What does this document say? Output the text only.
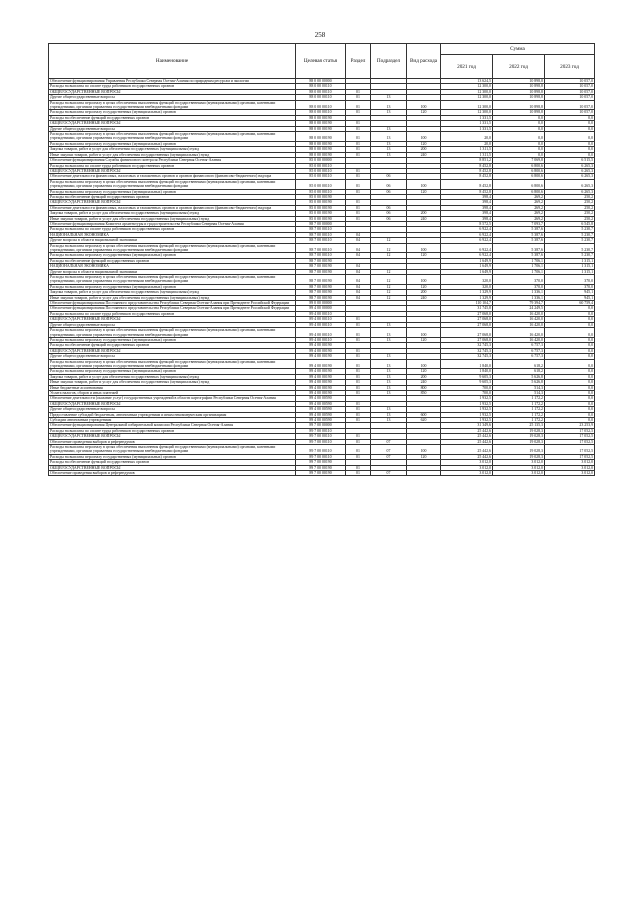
258
Наименование	Целевая статья	Раздел	Подраздел	Вид расхода	Сумма		
					2021 год	2022 год	2023 год
Обеспечение функционирования Управления Республики Северная Осетия-Алания по природным ресурсам и экологии	88 0 00 00000				13 624,5	10 898,8	10 057,0
Расходы на выплаты по оплате труда работников государственных органов	88 0 00 00110				12 300,0	10 898,8	10 057,0
ОБЩЕГОСУДАРСТВЕННЫЕ ВОПРОСЫ	88 0 00 00110	01			12 300,0	10 898,8	10 057,0
Другие общегосударственные вопросы	88 0 00 00110	01	13		12 300,0	10 898,8	10 057,0
Расходы на выплаты персоналу в целях обеспечения выполнения функций государственными (муниципальными) органами, казенными учреждениями, органами управления государственными внебюджетными фондами	88 0 00 00110	01	13	100	12 300,0	10 898,8	10 057,0
Расходы на выплаты персоналу государственных (муниципальных) органов	88 0 00 00110	01	13	120	12 300,0	10 898,8	10 057,0
Расходы на обеспечение функций государственных органов	88 0 00 00190				1 331,5	0,0	0,0
ОБЩЕГОСУДАРСТВЕННЫЕ ВОПРОСЫ	88 0 00 00190	01			1 331,5	0,0	0,0
Другие общегосударственные вопросы	88 0 00 00190	01	13		1 331,5	0,0	0,0
Расходы на выплаты персоналу в целях обеспечения выполнения функций государственными (муниципальными) органами, казенными учреждениями, органами управления государственными внебюджетными фондами	88 0 00 00190	01	13	100	20,0	0,0	0,0
Расходы на выплаты персоналу государственных (муниципальных) органов	88 0 00 00190	01	13	120	20,0	0,0	0,0
Закупка товаров, работ и услуг для обеспечения государственных (муниципальных) нужд	88 0 00 00190	01	13	200	1 311,5	0,0	0,0
Иные закупки товаров, работ и услуг для обеспечения государственных (муниципальных) нужд	88 0 00 00190	01	13	240	1 311,5	0,0	0,0
Обеспечение функционирования Службы финансового контроля Республики Северная Осетия-Алания	85 0 00 00000				8 851,2	7 069,8	6 515,5
Расходы на выплаты по оплате труда работников государственных органов	85 0 00 00110				8 452,8	6 800,6	6 265,3
ОБЩЕГОСУДАРСТВЕННЫЕ ВОПРОСЫ	85 0 00 00110	01			8 452,8	6 800,6	6 265,3
Обеспечение деятельности финансовых, налоговых и таможенных органов и органов финансового (финансово-бюджетного) надзора	85 0 00 00110	01	06		8 452,8	6 800,6	6 265,3
Расходы на выплаты персоналу в целях обеспечения выполнения функций государственными (муниципальными) органами, казенными учреждениями, органами управления государственными внебюджетными фондами	85 0 00 00110	01	06	100	8 452,8	6 800,6	6 265,3
Расходы на выплаты персоналу государственных (муниципальных) органов	85 0 00 00110	01	06	120	8 452,8	6 800,6	6 265,3
Расходы на обеспечение функций государственных органов	85 0 00 00190				398,4	269,2	250,2
ОБЩЕГОСУДАРСТВЕННЫЕ ВОПРОСЫ	85 0 00 00190	01			398,4	269,2	250,2
Обеспечение деятельности финансовых, налоговых и таможенных органов и органов финансового (финансово-бюджетного) надзора	85 0 00 00190	01	06		398,4	269,2	250,2
Закупка товаров, работ и услуг для обеспечения государственных (муниципальных) нужд	85 0 00 00190	01	06	200	398,4	269,2	250,2
Иные закупки товаров, работ и услуг для обеспечения государственных (муниципальных) нужд	85 0 00 00190	01	06	240	398,4	269,2	250,2
Обеспечение функционирования Комитета архитектуры и градостроительства Республики Северная Осетия-Алания	88 7 00 00000				8 572,5	7 093,7	6 545,8
Расходы на выплаты по оплате труда работников государственных органов	88 7 00 00110				6 922,4	5 387,6	5 230,7
НАЦИОНАЛЬНАЯ ЭКОНОМИКА	88 7 00 00110	04			6 922,4	5 387,6	5 230,7
Другие вопросы в области национальной экономики	88 7 00 00110	04	12		6 922,4	5 387,6	5 230,7
Расходы на выплаты персоналу в целях обеспечения выполнения функций государственными (муниципальными) органами, казенными учреждениями, органами управления государственными внебюджетными фондами	88 7 00 00110	04	12	100	6 922,4	5 387,6	5 230,7
Расходы на выплаты персоналу государственных (муниципальных) органов	88 7 00 00110	04	12	120	6 922,4	5 387,6	5 230,7
Расходы на обеспечение функций государственных органов	88 7 00 00190				1 649,9	1 706,1	1 315,1
НАЦИОНАЛЬНАЯ ЭКОНОМИКА	88 7 00 00190	04			1 649,9	1 706,1	1 315,1
Другие вопросы в области национальной экономики	88 7 00 00190	04	12		1 649,9	1 706,1	1 315,1
Расходы на выплаты персоналу в целях обеспечения выполнения функций государственными (муниципальными) органами, казенными учреждениями, органами управления государственными внебюджетными фондами	88 7 00 00190	04	12	100	320,0	370,0	370,0
Расходы на выплаты персоналу государственных (муниципальных) органов	88 7 00 00190	04	12	120	320,0	370,0	370,0
Закупка товаров, работ и услуг для обеспечения государственных (муниципальных) нужд	88 7 00 00190	04	12	200	1 329,9	1 336,1	945,1
Иные закупки товаров, работ и услуг для обеспечения государственных (муниципальных) нужд	88 7 00 00190	04	12	240	1 329,9	1 336,1	945,1
Обеспечение функционирования Постоянного представительства Республики Северная Осетия-Алания при Президенте Российской Федерации	89 0 00 00000				110 104,7	79 394,7	60 759,4
Обеспечение функционирования Постоянного представительства Республики Северная Осетия-Алания при Президенте Российской Федерации	89 4 00 00000				31 745,8	24 249,5	0,0
Расходы на выплаты по оплате труда работников государственных органов	89 4 00 00110				27 068,0	16 420,0	0,0
ОБЩЕГОСУДАРСТВЕННЫЕ ВОПРОСЫ	89 4 00 00110	01			27 068,0	16 420,0	0,0
Другие общегосударственные вопросы	89 4 00 00110	01	13		27 068,0	16 420,0	0,0
Расходы на выплаты персоналу в целях обеспечения выполнения функций государственными (муниципальными) органами, казенными учреждениями, органами управления государственными внебюджетными фондами	89 4 00 00110	01	13	100	27 068,0	16 420,0	0,0
Расходы на выплаты персоналу государственных (муниципальных) органов	89 4 00 00110	01	13	120	27 068,0	16 420,0	0,0
Расходы на обеспечение функций государственных органов	89 4 00 00190				32 745,3	6 757,3	0,0
ОБЩЕГОСУДАРСТВЕННЫЕ ВОПРОСЫ	89 4 00 00190	01			32 745,3	6 757,3	0,0
Другие общегосударственные вопросы	89 4 00 00190	01	13		32 745,3	6 757,3	0,0
Расходы на выплаты персоналу в целях обеспечения выполнения функций государственными (муниципальными) органами, казенными учреждениями, органами управления государственными внебюджетными фондами	89 4 00 00190	01	13	100	1 840,0	618,2	0,0
Расходы на выплаты персоналу государственных (муниципальных) органов	89 4 00 00190	01	13	120	1 840,0	618,2	0,0
Закупка товаров, работ и услуг для обеспечения государственных (муниципальных) нужд	89 4 00 00190	01	13	200	9 605,3	5 626,8	0,0
Иные закупки товаров, работ и услуг для обеспечения государственных (муниципальных) нужд	89 4 00 00190	01	13	240	9 605,3	5 626,8	0,0
Иные бюджетные ассигнования	89 4 00 00190	01	13	800	700,0	514,3	0,0
Уплата налогов, сборов и иных платежей	89 4 00 00190	01	13	850	700,0	514,3	0,0
Обеспечение деятельности (оказание услуг) государственных учреждений в области картографии Республики Северная Осетия-Алания	89 4 00 00590				1 932,5	1 172,2	0,0
ОБЩЕГОСУДАРСТВЕННЫЕ ВОПРОСЫ	89 4 00 00590	01			1 932,5	1 172,2	0,0
Другие общегосударственные вопросы	89 4 00 00590	01	13		1 932,5	1 172,2	0,0
Предоставление субсидий бюджетным, автономным учреждениям и иным некоммерческим организациям	89 4 00 00590	01	13	600	1 932,5	1 172,2	0,0
Субсидии автономным учреждениям	89 4 00 00590	01	13	620	1 932,5	1 172,2	0,0
Обеспечение функционирования Центральной избирательной комиссии Республики Северная Осетия-Алания	89 7 00 00000				31 349,6	25 135,3	23 253,9
Расходы на выплаты по оплате труда работников государственных органов	89 7 00 00110				25 442,6	19 028,3	17 052,5
ОБЩЕГОСУДАРСТВЕННЫЕ ВОПРОСЫ	89 7 00 00110	01			25 442,6	19 028,3	17 052,5
Обеспечение проведения выборов и референдумов	89 7 00 00110	01	07		25 442,6	19 028,3	17 052,5
Расходы на выплаты персоналу в целях обеспечения выполнения функций государственными (муниципальными) органами, казенными учреждениями, органами управления государственными внебюджетными фондами	89 7 00 00110	01	07	100	25 442,6	19 028,3	17 052,5
Расходы на выплаты персоналу государственных (муниципальных) органов	89 7 00 00110	01	07	120	25 442,6	19 028,3	17 052,5
Расходы на обеспечение функций государственных органов	89 7 00 00190				3 012,0	3 012,0	3 012,0
ОБЩЕГОСУДАРСТВЕННЫЕ ВОПРОСЫ	89 7 00 00190	01			3 012,0	3 012,0	3 012,0
Обеспечение проведения выборов и референдумов	89 7 00 00190	01	07		3 012,0	3 012,0	3 012,0
